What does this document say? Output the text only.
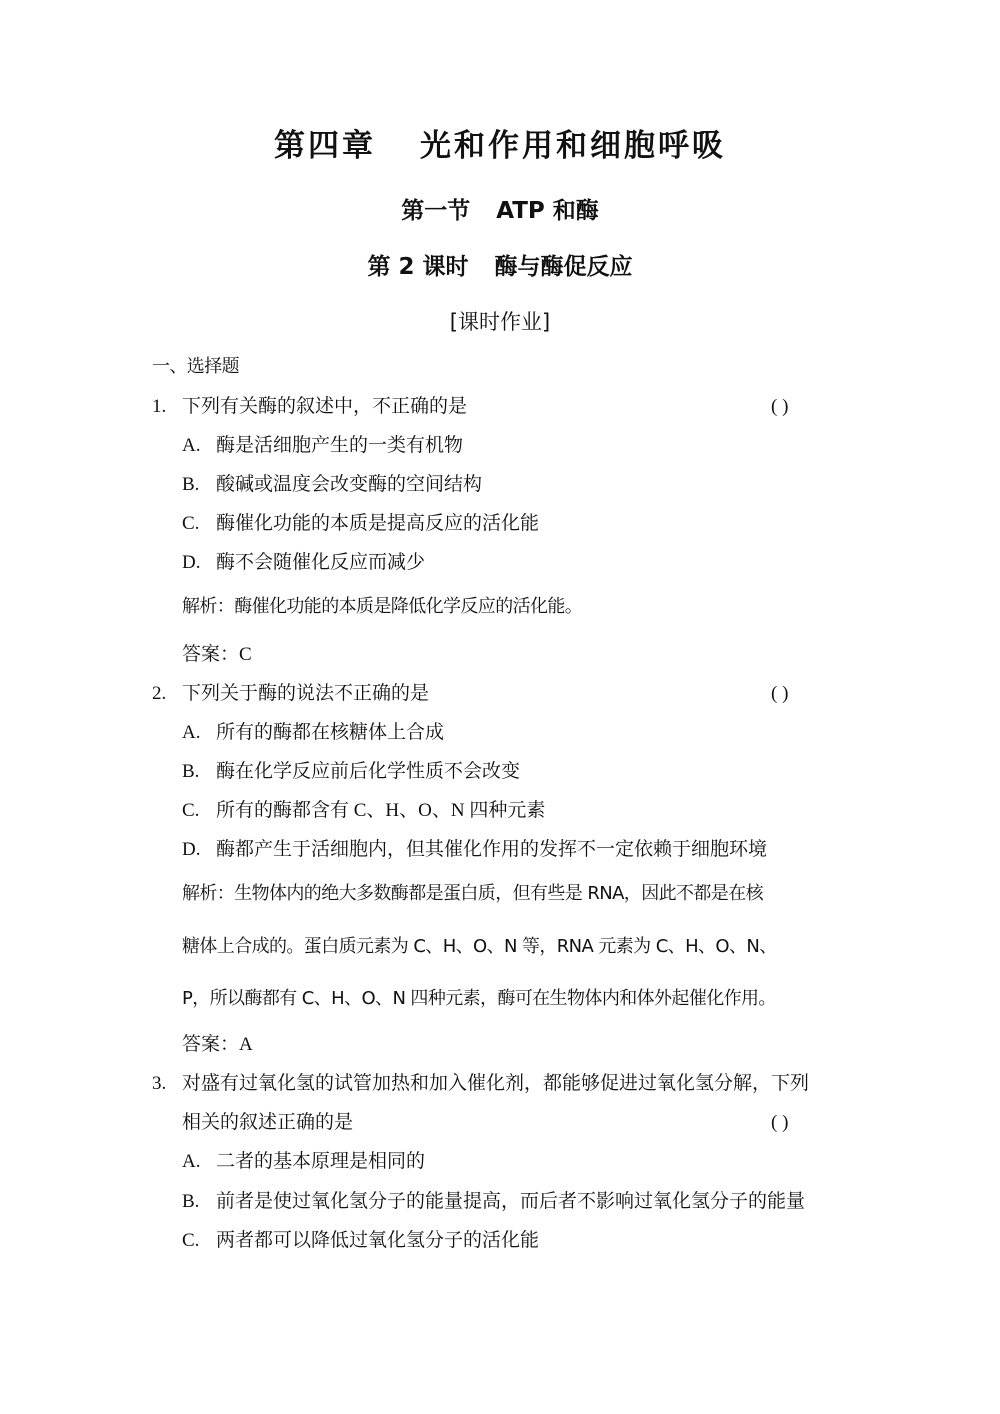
第四章 光和作用和细胞呼吸
第一节 ATP 和酶
第 2 课时 酶与酶促反应
[课时作业]
一、选择题
1. 下列有关酶的叙述中，不正确的是	( )
A. 酶是活细胞产生的一类有机物
B. 酸碱或温度会改变酶的空间结构
C. 酶催化功能的本质是提高反应的活化能
D. 酶不会随催化反应而减少
解析：酶催化功能的本质是降低化学反应的活化能。
答案：C
2. 下列关于酶的说法不正确的是	( )
A. 所有的酶都在核糖体上合成
B. 酶在化学反应前后化学性质不会改变
C. 所有的酶都含有 C、H、O、N 四种元素
D. 酶都产生于活细胞内，但其催化作用的发挥不一定依赖于细胞环境
解析：生物体内的绝大多数酶都是蛋白质，但有些是 RNA，因此不都是在核
糖体上合成的。蛋白质元素为 C、H、O、N 等，RNA 元素为 C、H、O、N、
P，所以酶都有 C、H、O、N 四种元素，酶可在生物体内和体外起催化作用。
答案：A
3. 对盛有过氧化氢的试管加热和加入催化剂，都能够促进过氧化氢分解，下列
相关的叙述正确的是	( )
A. 二者的基本原理是相同的
B. 前者是使过氧化氢分子的能量提高，而后者不影响过氧化氢分子的能量
C. 两者都可以降低过氧化氢分子的活化能
